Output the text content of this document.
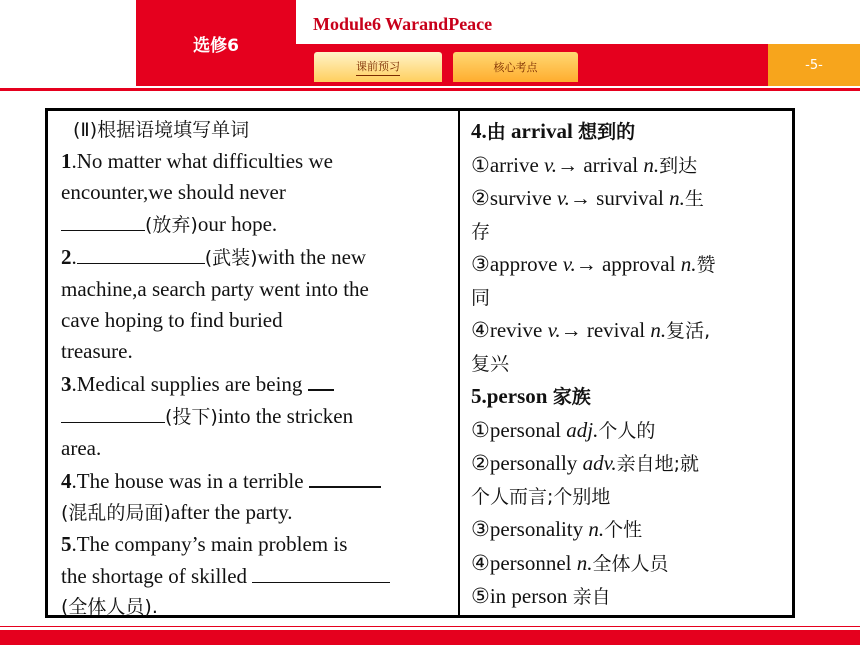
选修6
Module6 WarandPeace
课前预习	核心考点	-5-
(Ⅱ)根据语境填写单词
1.No matter what difficulties we
encounter,we should never
(放弃)our hope.
2.	(武装)with the new
machine,a search party went into the
cave hoping to find buried
treasure.
3.Medical supplies are being
(投下)into the stricken
area.
4.The house was in a terrible
(混乱的局面)after the party.
5.The company’s main problem is
the shortage of skilled
(全体人员).
4.由 arrival 想到的
①arrive v.→ arrival n.到达
②survive v.→ survival n.生
存
③approve v.→ approval n.赞
同
④revive v.→ revival n.复活,
复兴
5.person 家族
①personal adj.个人的
②personally adv.亲自地;就
个人而言;个别地
③personality n.个性
④personnel n.全体人员
⑤in person 亲自
